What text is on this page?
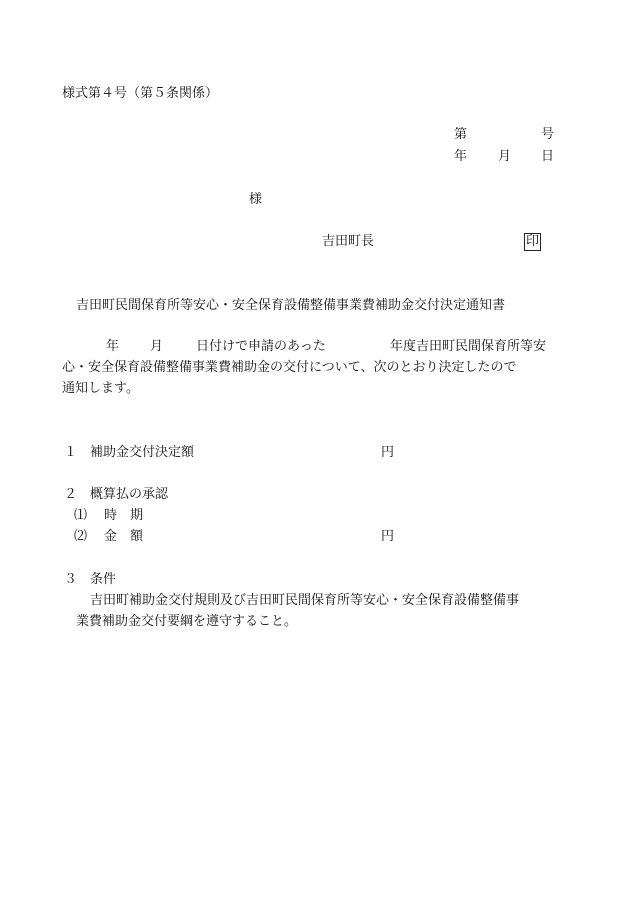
様式第４号（第５条関係）
第	号
年 月 日
様
吉田町長	印
吉田町民間保育所等安心・安全保育設備整備事業費補助金交付決定通知書
年 月	日付けで申請のあった	年度吉田町民間保育所等安
心・安全保育設備整備事業費補助金の交付について、次のとおり決定したので
通知します。
１ 補助金交付決定額	円
２ 概算払の承認
⑴ 時　期
⑵ 金　額	円
３ 条件
吉田町補助金交付規則及び吉田町民間保育所等安心・安全保育設備整備事
業費補助金交付要綱を遵守すること。
